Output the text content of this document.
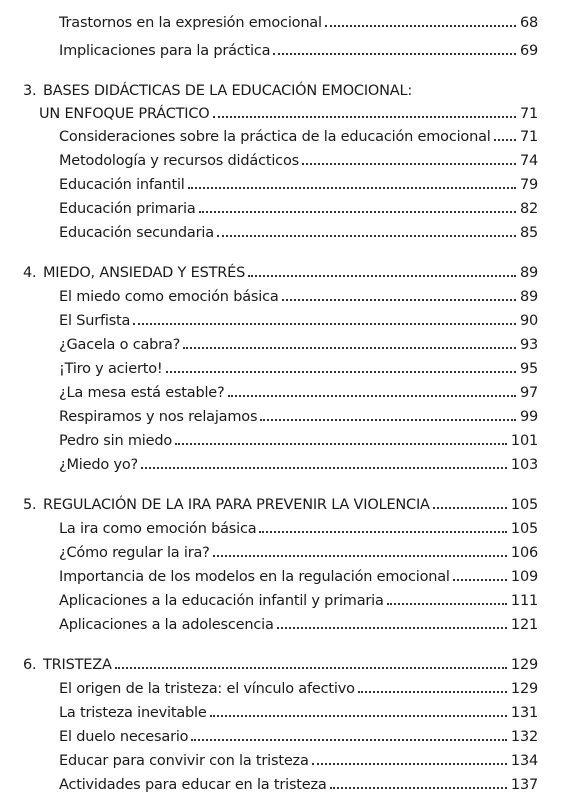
Trastornos en la expresión emocional	68
Implicaciones para la práctica	69
3. BASES DIDÁCTICAS DE LA EDUCACIÓN EMOCIONAL:
UN ENFOQUE PRÁCTICO	71
Consideraciones sobre la práctica de la educación emocional 71
Metodología y recursos didácticos	74
Educación infantil	79
Educación primaria	82
Educación secundaria	85
4. MIEDO, ANSIEDAD Y ESTRÉS	89
El miedo como emoción básica	89
El Surfista	90
¿Gacela o cabra?	93
¡Tiro y acierto!	95
¿La mesa está estable?	97
Respiramos y nos relajamos	99
Pedro sin miedo	101
¿Miedo yo?	103
5. REGULACIÓN DE LA IRA PARA PREVENIR LA VIOLENCIA	105
La ira como emoción básica	105
¿Cómo regular la ira?	106
Importancia de los modelos en la regulación emocional	109
Aplicaciones a la educación infantil y primaria	111
Aplicaciones a la adolescencia	121
6. TRISTEZA	129
El origen de la tristeza: el vínculo afectivo	129
La tristeza inevitable	131
El duelo necesario	132
Educar para convivir con la tristeza	134
Actividades para educar en la tristeza	137
